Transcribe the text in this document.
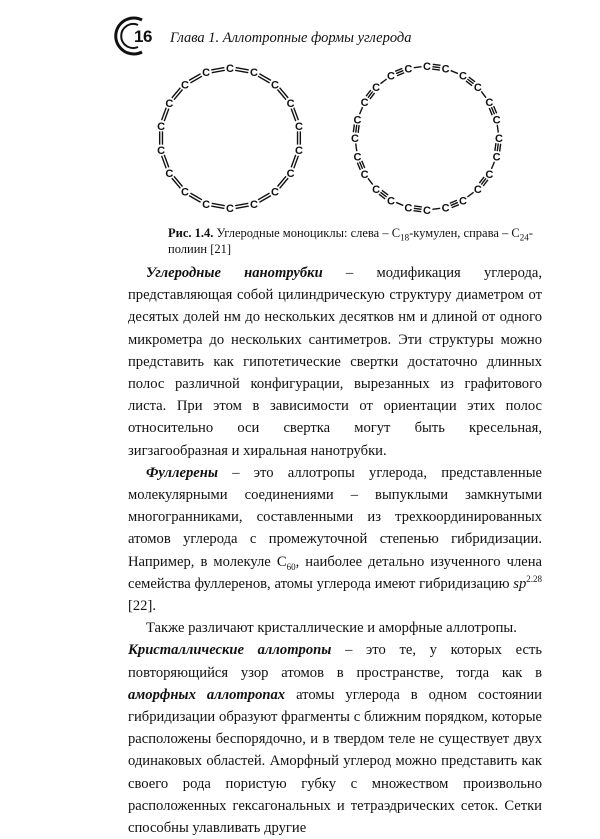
16 Глава 1. Аллотропные формы углерода
C C
C
C
C
C
C
C
C
C
C
C
C
C
C
C
C
C
C C
C
C
C
C
C
C
C
C
C
C
C
C
C
C
C
C
C
C
C
C
C
C
Рис. 1.4. Углеродные моноциклы: слева – $C_{18}$-кумулен, справа – $C_{24}$-полиин [21]

Углеродные нанотрубки – модификация углерода, представляющая собой цилиндрическую структуру диаметром от десятых долей нм до нескольких десятков нм и длиной от одного микрометра до нескольких сантиметров. Эти структуры можно представить как гипотетические свертки достаточно длинных полос различной конфигурации, вырезанных из графитового листа. При этом в зависимости от ориентации этих полос относительно оси свертка могут быть кресельная, зигзагообразная и хиральная нанотрубки.

Фуллерены – это аллотропы углерода, представленные молекулярными соединениями – выпуклыми замкнутыми многогранниками, составленными из трехкоординированных атомов углерода с промежуточной степенью гибридизации. Например, в молекуле $C_{60}$, наиболее детально изученного члена семейства фуллеренов, атомы углерода имеют гибридизацию $sp^{2.28}$ [22].

Также различают кристаллические и аморфные аллотропы.

Кристаллические аллотропы – это те, у которых есть повторяющийся узор атомов в пространстве, тогда как в аморфных аллотропах атомы углерода в одном состоянии гибридизации образуют фрагменты с ближним порядком, которые расположены беспорядочно, и в твердом теле не существует двух одинаковых областей. Аморфный углерод можно представить как своего рода пористую губку с множеством произвольно расположенных гексагональных и тетраэдрических сеток. Сетки способны улавливать другие
